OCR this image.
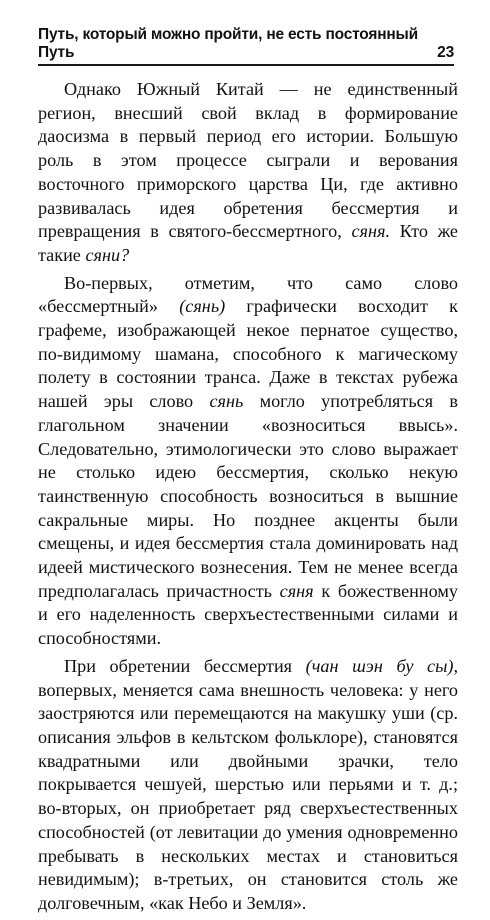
Путь, который можно пройти, не есть постоянный Путь	23

Однако Южный Китай — не единственный регион, внесший свой вклад в формирование даосизма в первый период его истории. Большую роль в этом процессе сыграли и верования восточного приморского царства Ци, где активно развивалась идея обретения бессмертия и превращения в святого-бессмертного, сяня. Кто же такие сяни?

Во-первых, отметим, что само слово «бессмертный» (сянь) графически восходит к графеме, изображающей некое пернатое существо, по-видимому шамана, способного к магическому полету в состоянии транса. Даже в текстах рубежа нашей эры слово сянь могло употребляться в глагольном значении «возноситься ввысь». Следовательно, этимологически это слово выражает не столько идею бессмертия, сколько некую таинственную способность возноситься в вышние сакральные миры. Но позднее акценты были смещены, и идея бессмертия стала доминировать над идеей мистического вознесения. Тем не менее всегда предполагалась причастность сяня к божественному и его наделенность сверхъестественными силами и способностями.

При обретении бессмертия (чан шэн бу сы), вопервых, меняется сама внешность человека: у него заостряются или перемещаются на макушку уши (ср. описания эльфов в кельтском фольклоре), становятся квадратными или двойными зрачки, тело покрывается чешуей, шерстью или перьями и т. д.; во-вторых, он приобретает ряд сверхъестественных способностей (от левитации до умения одновременно пребывать в нескольких местах и становиться невидимым); в-третьих, он становится столь же долговечным, «как Небо и Земля».
